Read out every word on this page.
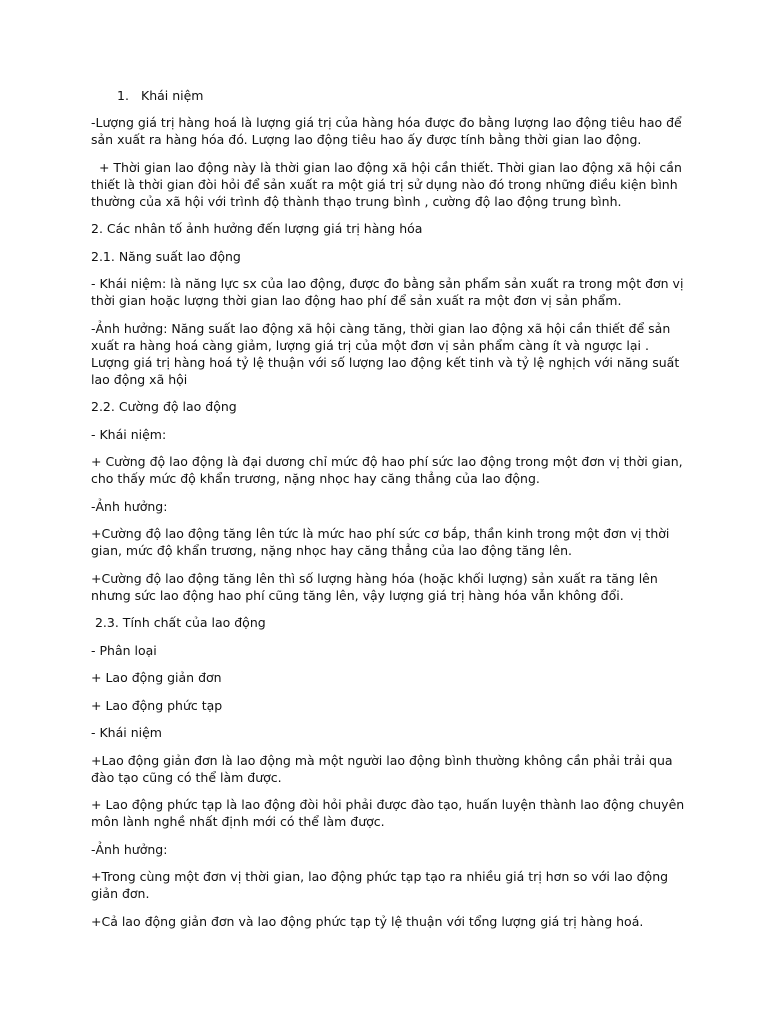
1. Khái niệm

-Lượng giá trị hàng hoá là lượng giá trị của hàng hóa được đo bằng lượng lao động tiêu hao để sản xuất ra hàng hóa đó. Lượng lao động tiêu hao ấy được tính bằng thời gian lao động.

+ Thời gian lao động này là thời gian lao động xã hội cần thiết. Thời gian lao động xã hội cần thiết là thời gian đòi hỏi để sản xuất ra một giá trị sử dụng nào đó trong những điều kiện bình thường của xã hội với trình độ thành thạo trung bình , cường độ lao động trung bình.

2. Các nhân tố ảnh hưởng đến lượng giá trị hàng hóa

2.1. Năng suất lao động

- Khái niệm: là năng lực sx của lao động, được đo bằng sản phẩm sản xuất ra trong một đơn vị thời gian hoặc lượng thời gian lao động hao phí để sản xuất ra một đơn vị sản phẩm.

-Ảnh hưởng: Năng suất lao động xã hội càng tăng, thời gian lao động xã hội cần thiết để sản xuất ra hàng hoá càng giảm, lượng giá trị của một đơn vị sản phẩm càng ít và ngược lại . Lượng giá trị hàng hoá tỷ lệ thuận với số lượng lao động kết tinh và tỷ lệ nghịch với năng suất lao động xã hội

2.2. Cường độ lao động

- Khái niệm:

+ Cường độ lao động là đại dương chỉ mức độ hao phí sức lao động trong một đơn vị thời gian, cho thấy mức độ khẩn trương, nặng nhọc hay căng thẳng của lao động.

-Ảnh hưởng:

+Cường độ lao động tăng lên tức là mức hao phí sức cơ bắp, thần kinh trong một đơn vị thời gian, mức độ khẩn trương, nặng nhọc hay căng thẳng của lao động tăng lên.

+Cường độ lao động tăng lên thì số lượng hàng hóa (hoặc khối lượng) sản xuất ra tăng lên nhưng sức lao động hao phí cũng tăng lên, vậy lượng giá trị hàng hóa vẫn không đổi.

2.3. Tính chất của lao động

- Phân loại

+ Lao động giản đơn

+ Lao động phức tạp

- Khái niệm

+Lao động giản đơn là lao động mà một người lao động bình thường không cần phải trải qua đào tạo cũng có thể làm được.

+ Lao động phức tạp là lao động đòi hỏi phải được đào tạo, huấn luyện thành lao động chuyên môn lành nghề nhất định mới có thể làm được.

-Ảnh hưởng:

+Trong cùng một đơn vị thời gian, lao động phức tạp tạo ra nhiều giá trị hơn so với lao động giản đơn.

+Cả lao động giản đơn và lao động phức tạp tỷ lệ thuận với tổng lượng giá trị hàng hoá.
